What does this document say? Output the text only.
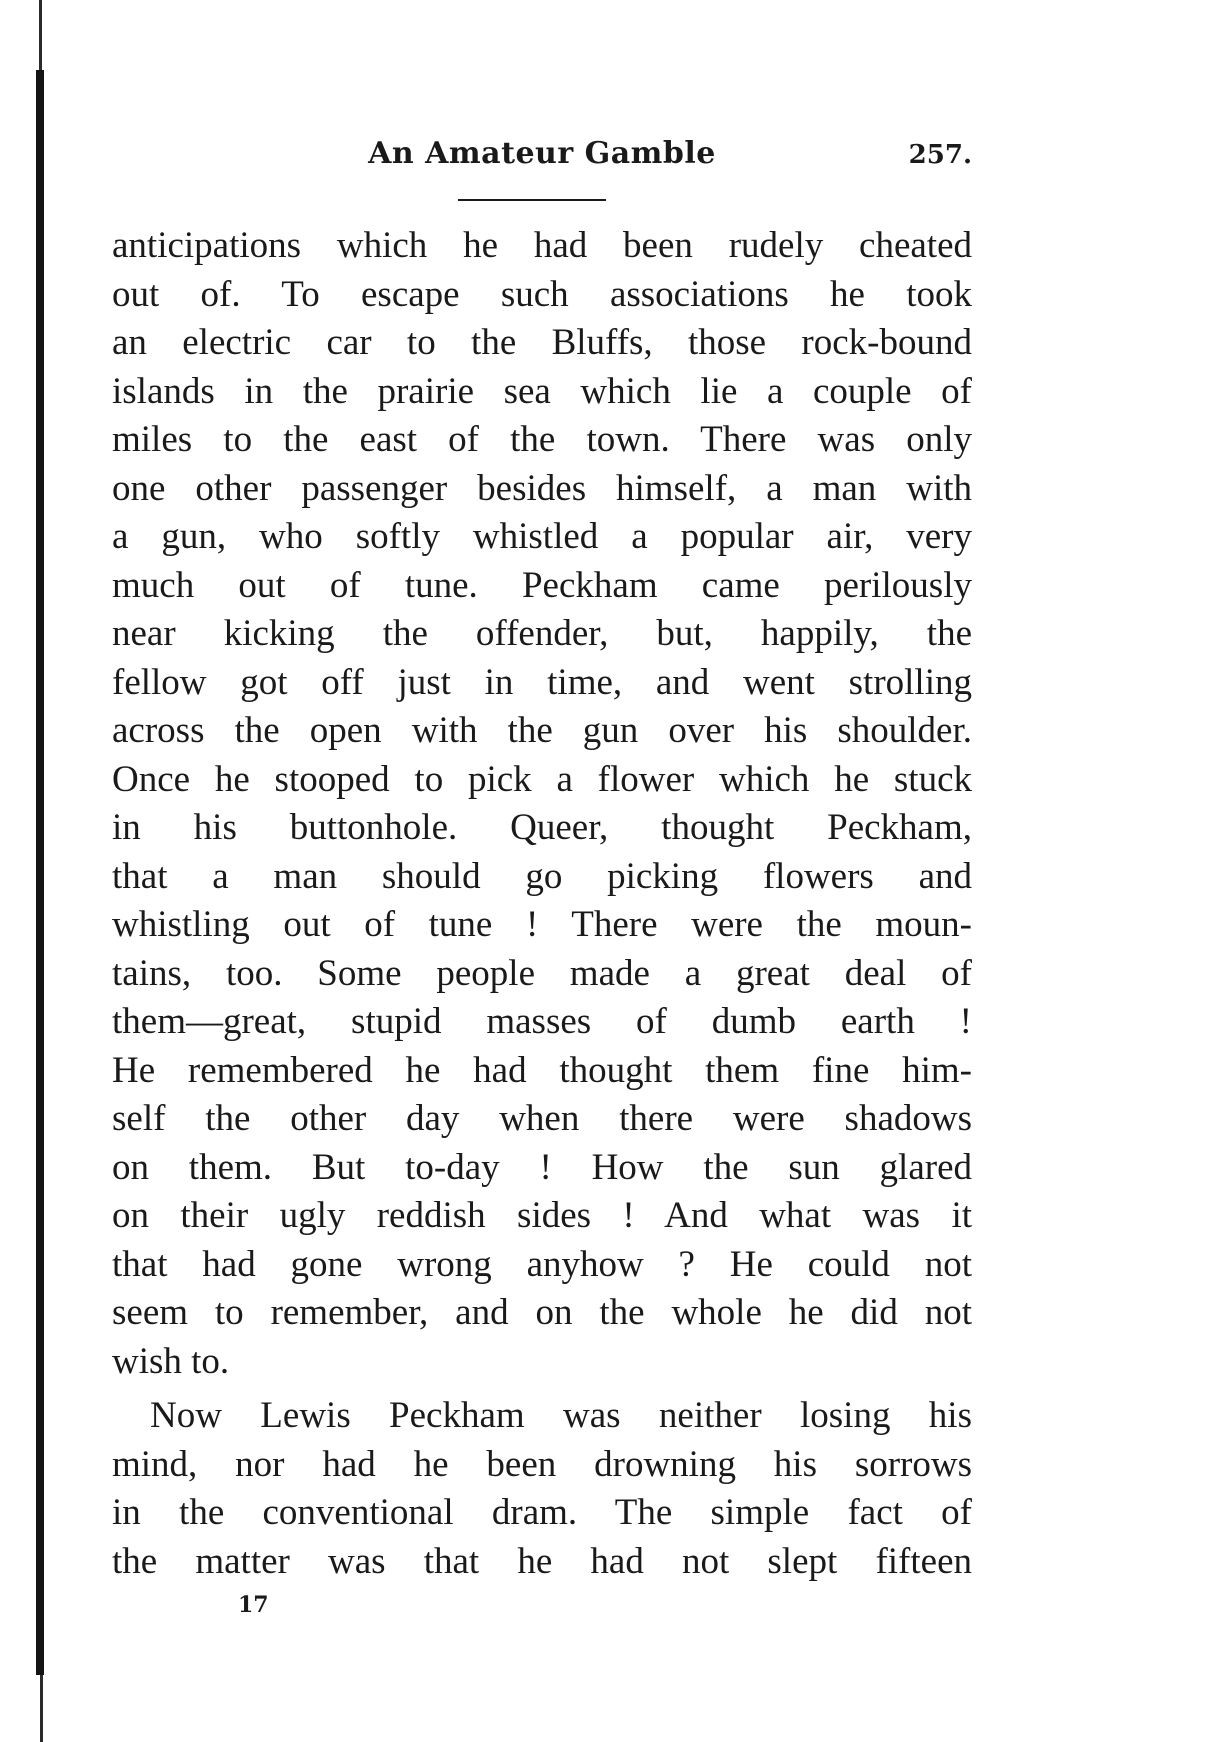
An Amateur Gamble	257.
anticipations which he had been rudely cheated
out of. To escape such associations he took
an electric car to the Bluffs, those rock-bound
islands in the prairie sea which lie a couple of
miles to the east of the town. There was only
one other passenger besides himself, a man with
a gun, who softly whistled a popular air, very
much out of tune. Peckham came perilously
near kicking the offender, but, happily, the
fellow got off just in time, and went strolling
across the open with the gun over his shoulder.
Once he stooped to pick a flower which he stuck
in his buttonhole. Queer, thought Peckham,
that a man should go picking flowers and
whistling out of tune ! There were the moun-
tains, too. Some people made a great deal of
them—great, stupid masses of dumb earth !
He remembered he had thought them fine him-
self the other day when there were shadows
on them. But to-day ! How the sun glared
on their ugly reddish sides ! And what was it
that had gone wrong anyhow ? He could not
seem to remember, and on the whole he did not
wish to.
Now Lewis Peckham was neither losing his
mind, nor had he been drowning his sorrows
in the conventional dram. The simple fact of
the matter was that he had not slept fifteen
17
